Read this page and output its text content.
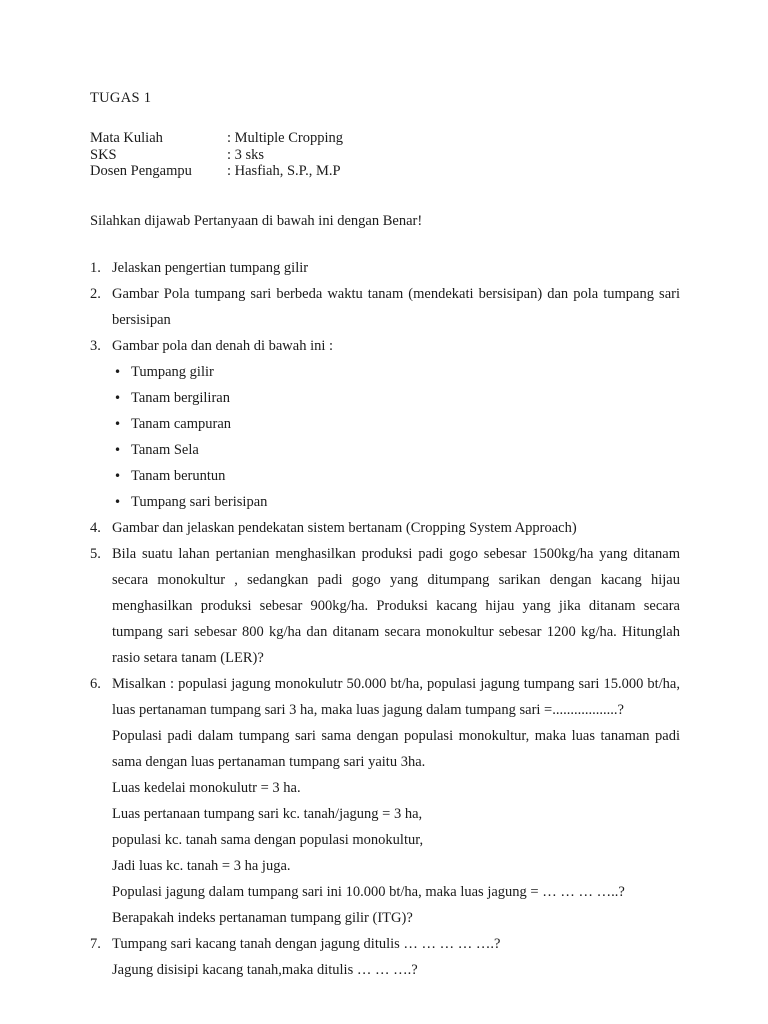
TUGAS 1
Mata Kuliah	: Multiple Cropping
SKS	: 3 sks
Dosen Pengampu	: Hasfiah, S.P., M.P
Silahkan dijawab Pertanyaan di bawah ini dengan Benar!
1. Jelaskan pengertian tumpang gilir
2. Gambar Pola tumpang sari berbeda waktu tanam (mendekati bersisipan) dan pola tumpang sari bersisipan
3. Gambar pola dan denah di bawah ini :
• Tumpang gilir
• Tanam bergiliran
• Tanam campuran
• Tanam Sela
• Tanam beruntun
• Tumpang sari berisipan
4. Gambar dan jelaskan pendekatan sistem bertanam (Cropping System Approach)
5. Bila suatu lahan pertanian menghasilkan produksi padi gogo sebesar 1500kg/ha yang ditanam secara monokultur , sedangkan padi gogo yang ditumpang sarikan dengan kacang hijau menghasilkan produksi sebesar 900kg/ha. Produksi kacang hijau yang jika ditanam secara tumpang sari sebesar 800 kg/ha dan ditanam secara monokultur sebesar 1200 kg/ha. Hitunglah rasio setara tanam (LER)?
6. Misalkan : populasi jagung monokulutr 50.000 bt/ha, populasi jagung tumpang sari 15.000 bt/ha, luas pertanaman tumpang sari 3 ha, maka luas jagung dalam tumpang sari =..................?
Populasi padi dalam tumpang sari sama dengan populasi monokultur, maka luas tanaman padi sama dengan luas pertanaman tumpang sari yaitu 3ha.
Luas kedelai monokulutr = 3 ha.
Luas pertanaan tumpang sari kc. tanah/jagung = 3 ha,
populasi kc. tanah sama dengan populasi monokultur,
Jadi luas kc. tanah = 3 ha juga.
Populasi jagung dalam tumpang sari ini 10.000 bt/ha, maka luas jagung = … … … …..?
Berapakah indeks pertanaman tumpang gilir (ITG)?
7. Tumpang sari kacang tanah dengan jagung ditulis … … … … ….?
Jagung disisipi kacang tanah,maka ditulis … … ….?
